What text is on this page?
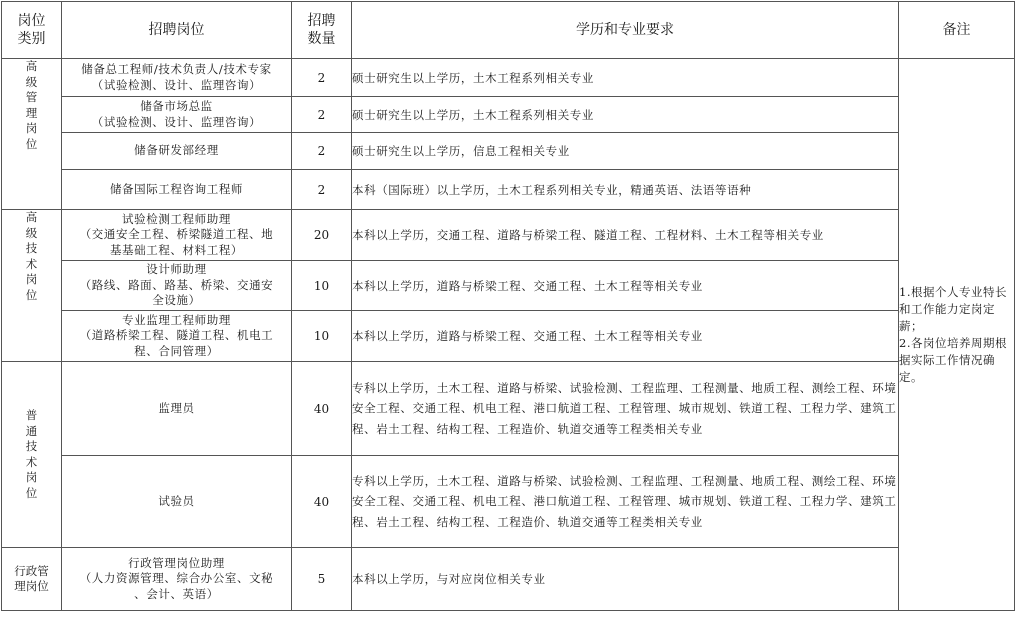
岗位类别	招聘岗位	招聘数量	学历和专业要求	备注

高级管理岗位	储备总工程师/技术负责人/技术专家
（试验检测、设计、监理咨询）	2	硕士研究生以上学历，土木工程系列相关专业	1.根据个人专业特长和工作能力定岗定薪；
2.各岗位培养周期根据实际工作情况确定。

	储备市场总监
（试验检测、设计、监理咨询）	2	硕士研究生以上学历，土木工程系列相关专业	

	储备研发部经理	2	硕士研究生以上学历，信息工程相关专业	

	储备国际工程咨询工程师	2	本科（国际班）以上学历，土木工程系列相关专业，精通英语、法语等语种	

高级技术岗位	试验检测工程师助理
（交通安全工程、桥梁隧道工程、地
基基础工程、材料工程）	20	本科以上学历，交通工程、道路与桥梁工程、隧道工程、工程材料、土木工程等相关专业	

	设计师助理
（路线、路面、路基、桥梁、交通安
全设施）	10	本科以上学历，道路与桥梁工程、交通工程、土木工程等相关专业	

	专业监理工程师助理
（道路桥梁工程、隧道工程、机电工
程、合同管理）	10	本科以上学历，道路与桥梁工程、交通工程、土木工程等相关专业	

普通技术岗位	监理员	40	专科以上学历，土木工程、道路与桥梁、试验检测、工程监理、工程测量、地质工程、测绘工程、环境安全工程、交通工程、机电工程、港口航道工程、工程管理、城市规划、铁道工程、工程力学、建筑工程、岩土工程、结构工程、工程造价、轨道交通等工程类相关专业	

	试验员	40	专科以上学历，土木工程、道路与桥梁、试验检测、工程监理、工程测量、地质工程、测绘工程、环境安全工程、交通工程、机电工程、港口航道工程、工程管理、城市规划、铁道工程、工程力学、建筑工程、岩土工程、结构工程、工程造价、轨道交通等工程类相关专业	

行政管理岗位	行政管理岗位助理
（人力资源管理、综合办公室、文秘
、会计、英语）	5	本科以上学历，与对应岗位相关专业	
